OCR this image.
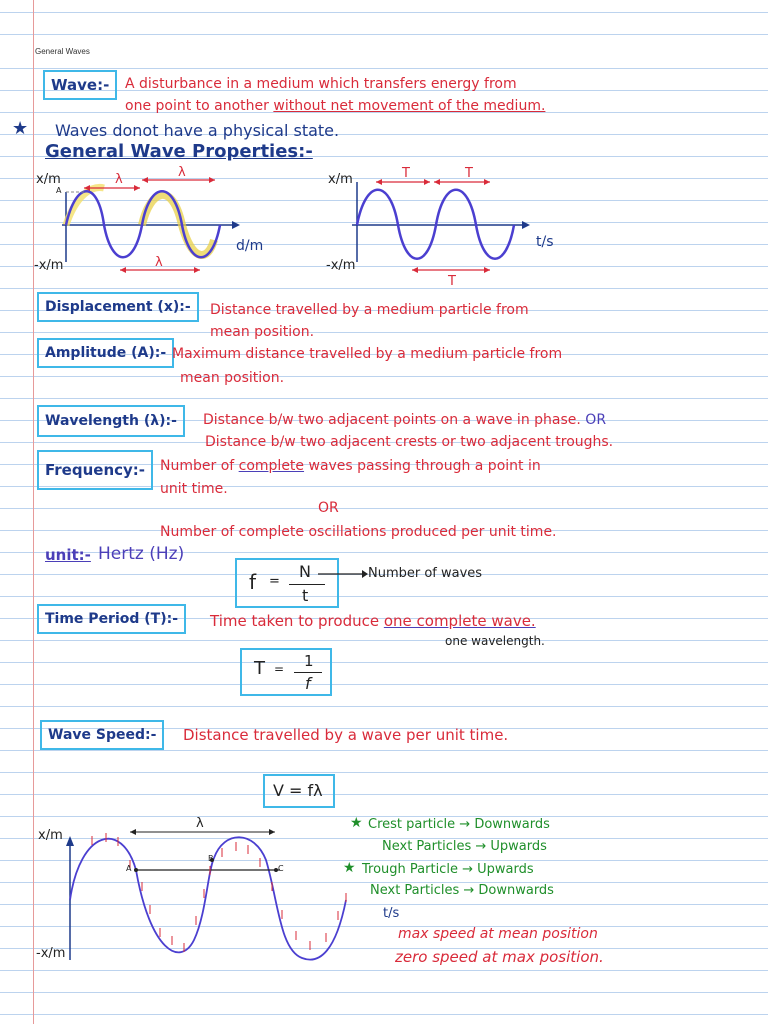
General Waves
Wave:-	A disturbance in a medium which transfers energy from
one point to another without net movement of the medium.
★ Waves donot have a physical state.
General Wave Properties:-
x/m
A
-x/m
d/m
λ	λ
λ
x/m
-x/m
t/s
T	T
T
Displacement (x):-	Distance travelled by a medium particle from
mean position.
Amplitude (A):- Maximum distance travelled by a medium particle from
mean position.
Wavelength (λ):-	Distance b/w two adjacent points on a wave in phase. OR
Distance b/w two adjacent crests or two adjacent troughs.
Frequency:-	Number of complete waves passing through a point in
unit time.
OR
Number of complete oscillations produced per unit time.
unit:- Hertz (Hz)
f =
N
t
Number of waves
Time Period (T):-	Time taken to produce one complete wave.
one wavelength.
T = 1
f
Wave Speed:-	Distance travelled by a wave per unit time.
V = fλ
x/m
-x/m
λ
A
B
C
★ Crest particle → Downwards
Next Particles → Upwards
★ Trough Particle → Upwards
Next Particles → Downwards
t/s
max speed at mean position
zero speed at max position.
